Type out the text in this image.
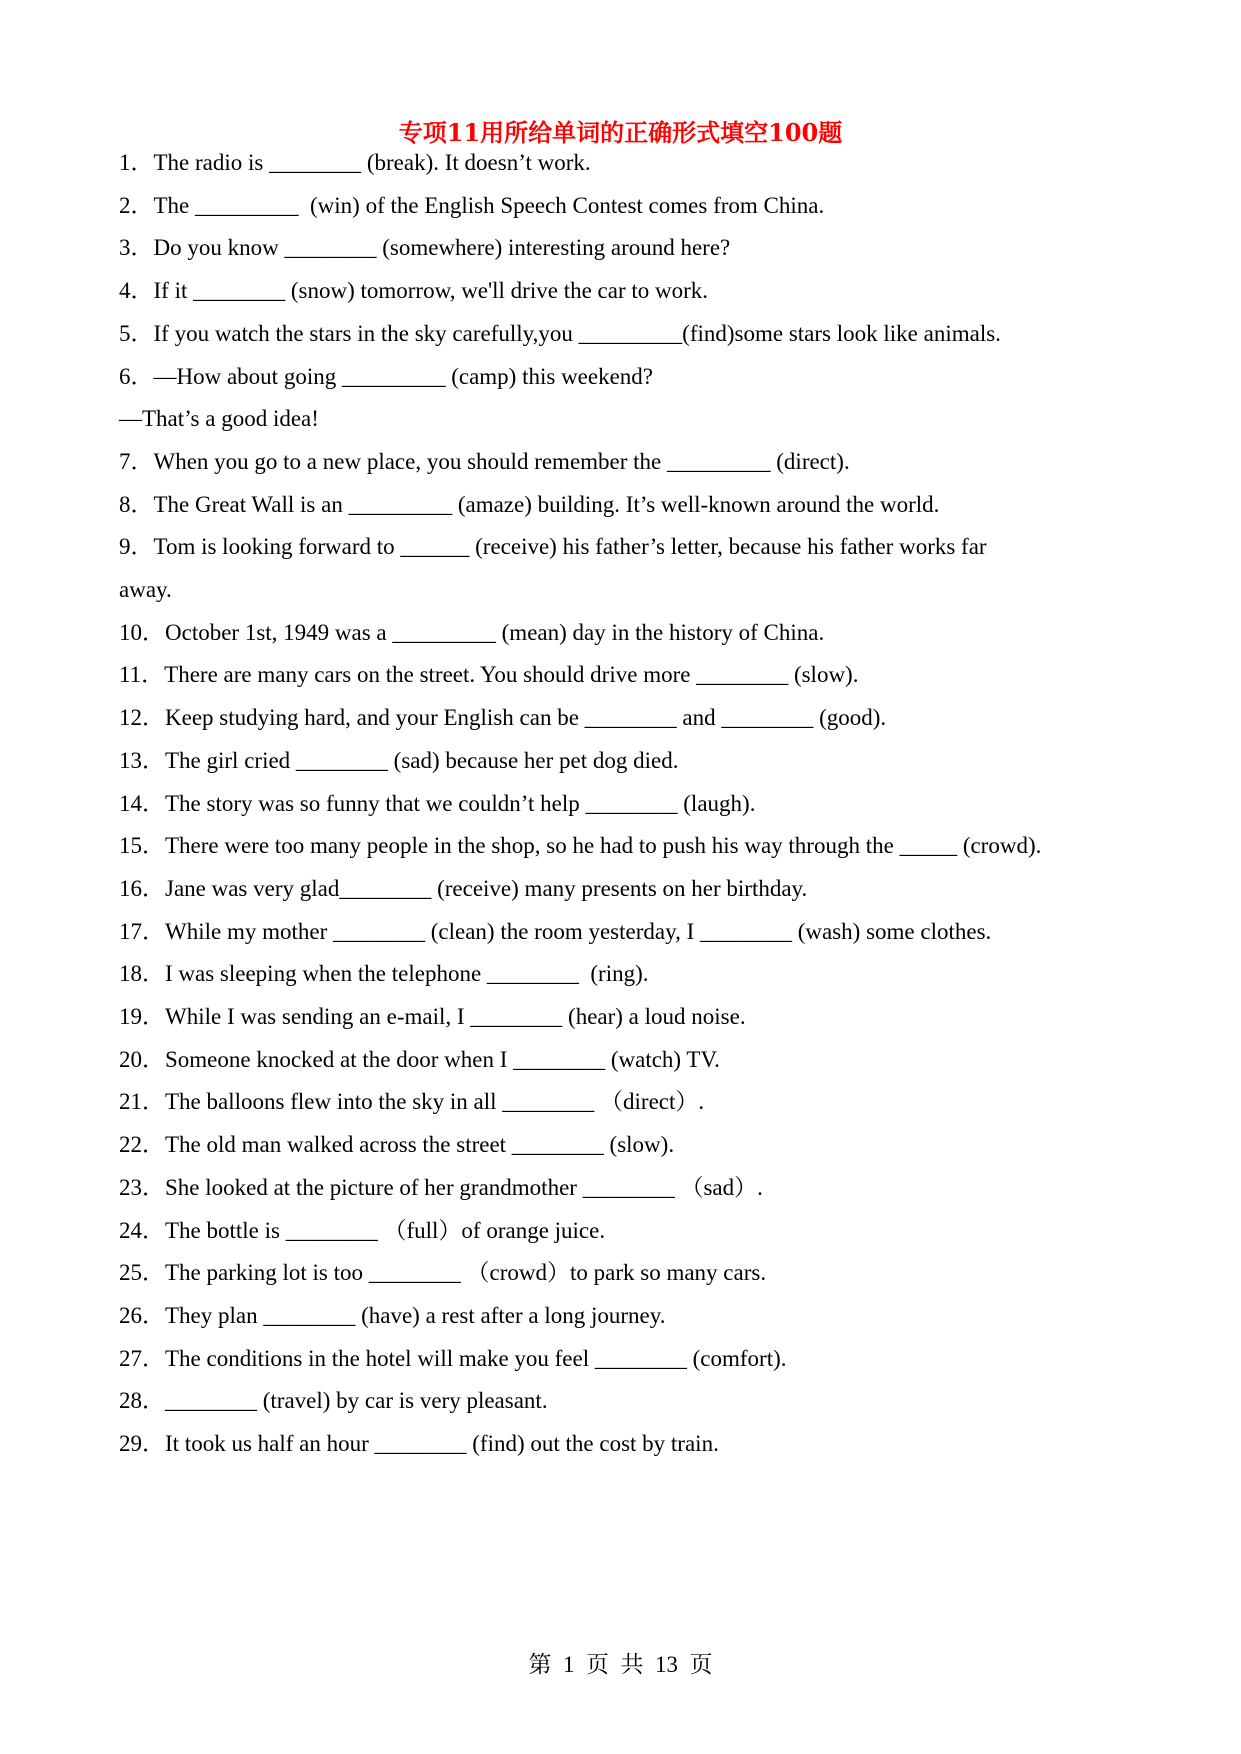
专项11用所给单词的正确形式填空100题
1．The radio is ________ (break). It doesn’t work.
2．The _________  (win) of the English Speech Contest comes from China.
3．Do you know ________ (somewhere) interesting around here?
4．If it ________ (snow) tomorrow, we'll drive the car to work.
5．If you watch the stars in the sky carefully,you _________(find)some stars look like animals.
6．—How about going _________ (camp) this weekend?
—That’s a good idea!
7．When you go to a new place, you should remember the _________ (direct).
8．The Great Wall is an _________ (amaze) building. It’s well-known around the world.
9．Tom is looking forward to ______ (receive) his father’s letter, because his father works far
away.
10．October 1st, 1949 was a _________ (mean) day in the history of China.
11．There are many cars on the street. You should drive more ________ (slow).
12．Keep studying hard, and your English can be ________ and ________ (good).
13．The girl cried ________ (sad) because her pet dog died.
14．The story was so funny that we couldn’t help ________ (laugh).
15．There were too many people in the shop, so he had to push his way through the _____ (crowd).
16．Jane was very glad________ (receive) many presents on her birthday.
17．While my mother ________ (clean) the room yesterday, I ________ (wash) some clothes.
18．I was sleeping when the telephone ________  (ring).
19．While I was sending an e-mail, I ________ (hear) a loud noise.
20．Someone knocked at the door when I ________ (watch) TV.
21．The balloons flew into the sky in all ________ （direct）.
22．The old man walked across the street ________ (slow).
23．She looked at the picture of her grandmother ________ （sad）.
24．The bottle is ________ （full）of orange juice.
25．The parking lot is too ________ （crowd）to park so many cars.
26．They plan ________ (have) a rest after a long journey.
27．The conditions in the hotel will make you feel ________ (comfort).
28．________ (travel) by car is very pleasant.
29．It took us half an hour ________ (find) out the cost by train.
第  1  页  共  13  页
